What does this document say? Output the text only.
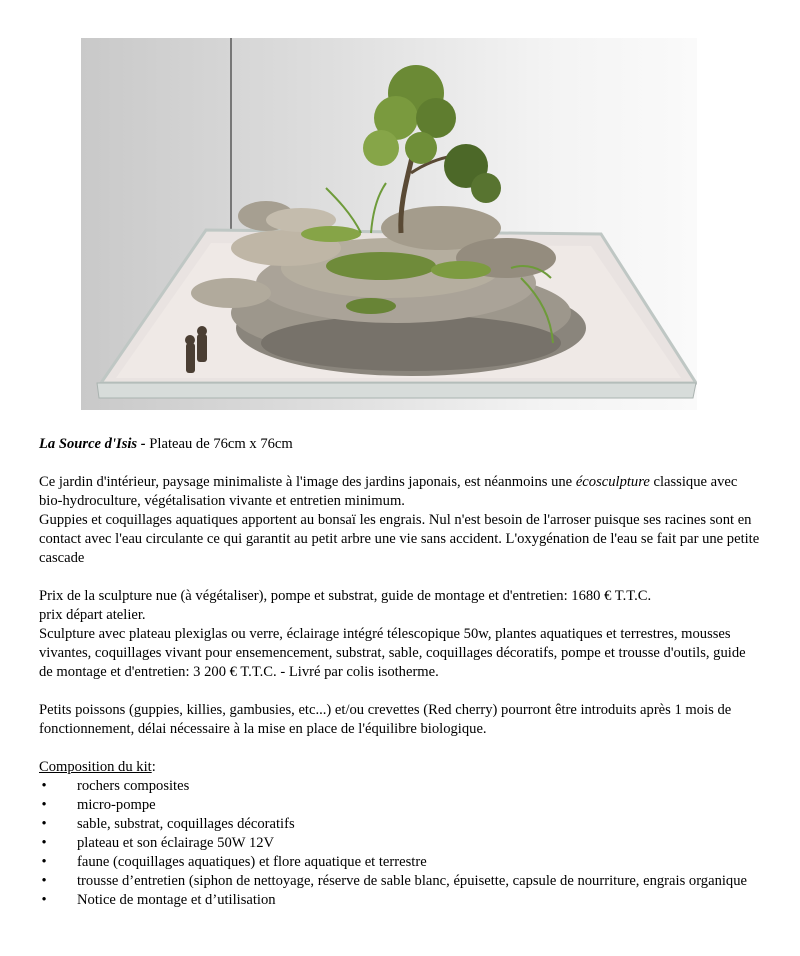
La Source d'Isis - Plateau de 76cm x 76cm

Ce jardin d'intérieur, paysage minimaliste à l'image des jardins japonais, est néanmoins une écosculpture classique avec bio-hydroculture, végétalisation vivante et entretien minimum.

Guppies et coquillages aquatiques apportent au bonsaï les engrais. Nul n'est besoin de l'arroser puisque ses racines sont en contact avec l'eau circulante ce qui garantit au petit arbre une vie sans accident. L'oxygénation de l'eau se fait par une petite cascade

Prix de la sculpture nue (à végétaliser), pompe et substrat, guide de montage et d'entretien: 1680 € T.T.C.

prix départ atelier.

Sculpture avec plateau plexiglas ou verre, éclairage intégré télescopique 50w, plantes aquatiques et terrestres, mousses vivantes, coquillages vivant pour ensemencement, substrat, sable, coquillages décoratifs, pompe et trousse d'outils, guide de montage et d'entretien: 3 200 € T.T.C. - Livré par colis isotherme.

Petits poissons (guppies, killies, gambusies, etc...) et/ou crevettes (Red cherry) pourront être introduits après 1 mois de fonctionnement, délai nécessaire à la mise en place de l'équilibre biologique.

Composition du kit:

• rochers composites
• micro-pompe
• sable, substrat, coquillages décoratifs
• plateau et son éclairage 50W 12V
• faune (coquillages aquatiques) et flore aquatique et terrestre
• trousse d’entretien (siphon de nettoyage, réserve de sable blanc, épuisette, capsule de nourriture, engrais organique
• Notice de montage et d’utilisation
